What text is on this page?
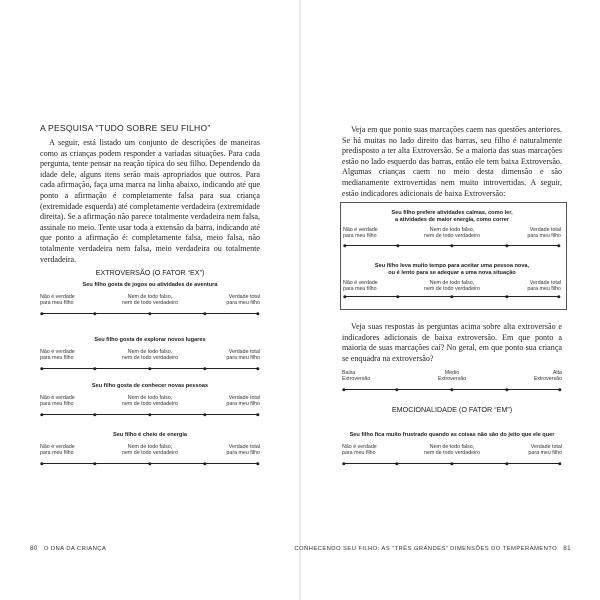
A PESQUISA “TUDO SOBRE SEU FILHO”

A seguir, está listado um conjunto de descrições de maneiras como as crianças podem responder a variadas situações. Para cada pergunta, tente pensar na reação típica do seu filho. Dependendo da idade dele, alguns itens serão mais apropriados que outros. Para cada afirmação, faça uma marca na linha abaixo, indicando até que ponto a afirmação é completamente falsa para sua criança (extremidade esquerda) até completamente verdadeira (extremidade direita). Se a afirmação não parece totalmente verdadeira nem falsa, assinale no meio. Tente usar toda a extensão da barra, indicando até que ponto a afirmação é: completamente falsa, meio falsa, não totalmente verdadeira nem falsa, meio verdadeira ou totalmente verdadeira.

EXTROVERSÃO (O FATOR “EX”)
Seu filho gosta de jogos ou atividades de aventura
Não é verdade
para meu filho
Nem de todo falso,
nem de todo verdadeiro
Verdade total
para meu filho
Seu filho gosta de explorar novos lugares
Não é verdade
para meu filho
Nem de todo falso,
nem de todo verdadeiro
Verdade total
para meu filho
Seu filho gosta de conhecer novas pessoas
Não é verdade
para meu filho
Nem de todo falso,
nem de todo verdadeiro
Verdade total
para meu filho
Seu filho é cheio de energia
Não é verdade
para meu filho
Nem de todo falso,
nem de todo verdadeiro
Verdade total
para meu filho
80 O DNA DA CRIANÇA

Veja em que ponto suas marcações caem nas questões anteriores. Se há muitas no lado direito das barras, seu filho é naturalmente predisposto a ter alta Extroversão. Se a maioria das suas marcações estão no lado esquerdo das barras, então ele tem baixa Extroversão. Algumas crianças caem no meio desta dimensão e são medianamente extrovertidas nem muito introvertidas. A seguir, estão indicadores adicionais de baixa Extroversão:

Seu filho prefere atividades calmas, como ler,
a atividades de maior energia, como correr
Não é verdade
para meu filho
Nem de todo falso,
nem de todo verdadeiro
Verdade total
para meu filho
Seu filho leva muito tempo para aceitar uma pessoa nova,
ou é lento para se adequar a uma nova situação
Não é verdade
para meu filho
Nem de todo falso,
nem de todo verdadeiro
Verdade total
para meu filho

Veja suas respostas às perguntas acima sobre alta extroversão e indicadores adicionais de baixa extroversão. Em que ponto a maioria de suas marcações caí? No geral, em que ponto sua criança se enquadra na extroversão?

Baixa
Extroversão
Médio
Extroversão
Alta
Extroversão
EMOCIONALIDADE (O FATOR “EM”)
Seu filho fica muito frustrado quando as coisas não são do jeito que ele quer
Não é verdade
para meu filho
Nem de todo falso,
nem de todo verdadeiro
Verdade total
para meu filho
CONHECENDO SEU FILHO: AS “TRÊS GRANDES” DIMENSÕES DO TEMPERAMENTO 81
